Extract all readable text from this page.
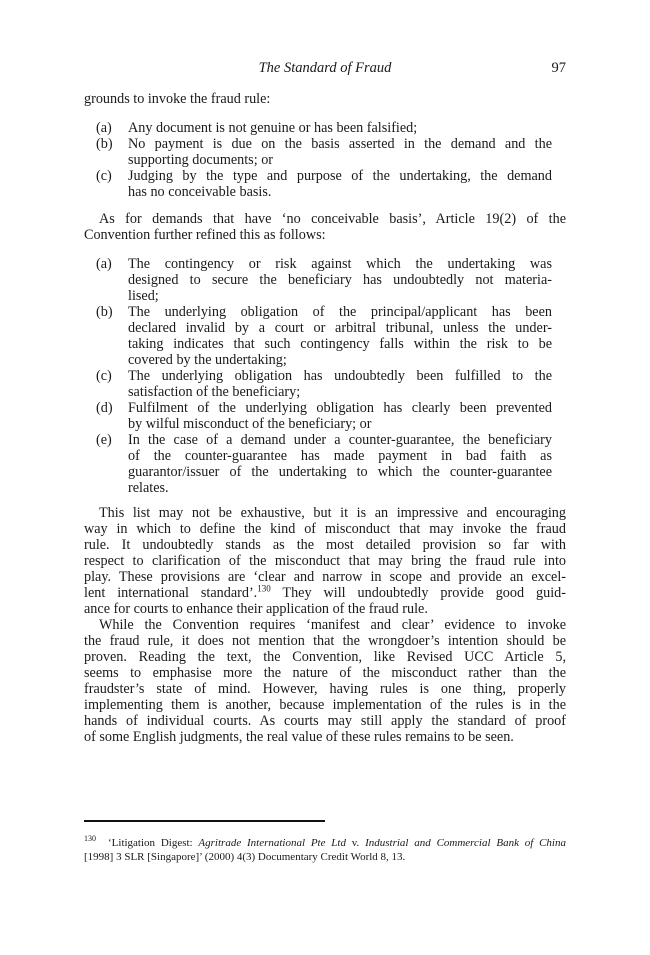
The Standard of Fraud	97
grounds to invoke the fraud rule:
(a)	Any document is not genuine or has been falsified;
(b)	No payment is due on the basis asserted in the demand and the
supporting documents; or
(c)	Judging by the type and purpose of the undertaking, the demand
has no conceivable basis.
As for demands that have ‘no conceivable basis’, Article 19(2) of the
Convention further refined this as follows:
(a)	The contingency or risk against which the undertaking was
designed to secure the beneficiary has undoubtedly not materia-
lised;
(b)	The underlying obligation of the principal/applicant has been
declared invalid by a court or arbitral tribunal, unless the under-
taking indicates that such contingency falls within the risk to be
covered by the undertaking;
(c)	The underlying obligation has undoubtedly been fulfilled to the
satisfaction of the beneficiary;
(d)	Fulfilment of the underlying obligation has clearly been prevented
by wilful misconduct of the beneficiary; or
(e)	In the case of a demand under a counter-guarantee, the beneficiary
of the counter-guarantee has made payment in bad faith as
guarantor/issuer of the undertaking to which the counter-guarantee
relates.
This list may not be exhaustive, but it is an impressive and encouraging
way in which to define the kind of misconduct that may invoke the fraud
rule. It undoubtedly stands as the most detailed provision so far with
respect to clarification of the misconduct that may bring the fraud rule into
play. These provisions are ‘clear and narrow in scope and provide an excel-
lent international standard’.$^{130}$ They will undoubtedly provide good guid-
ance for courts to enhance their application of the fraud rule.
While the Convention requires ‘manifest and clear’ evidence to invoke
the fraud rule, it does not mention that the wrongdoer’s intention should be
proven. Reading the text, the Convention, like Revised UCC Article 5,
seems to emphasise more the nature of the misconduct rather than the
fraudster’s state of mind. However, having rules is one thing, properly
implementing them is another, because implementation of the rules is in the
hands of individual courts. As courts may still apply the standard of proof
of some English judgments, the real value of these rules remains to be seen.
$^{130}$ ‘Litigation Digest: Agritrade International Pte Ltd v. Industrial and Commercial Bank of China
[1998] 3 SLR [Singapore]’ (2000) 4(3) Documentary Credit World 8, 13.
